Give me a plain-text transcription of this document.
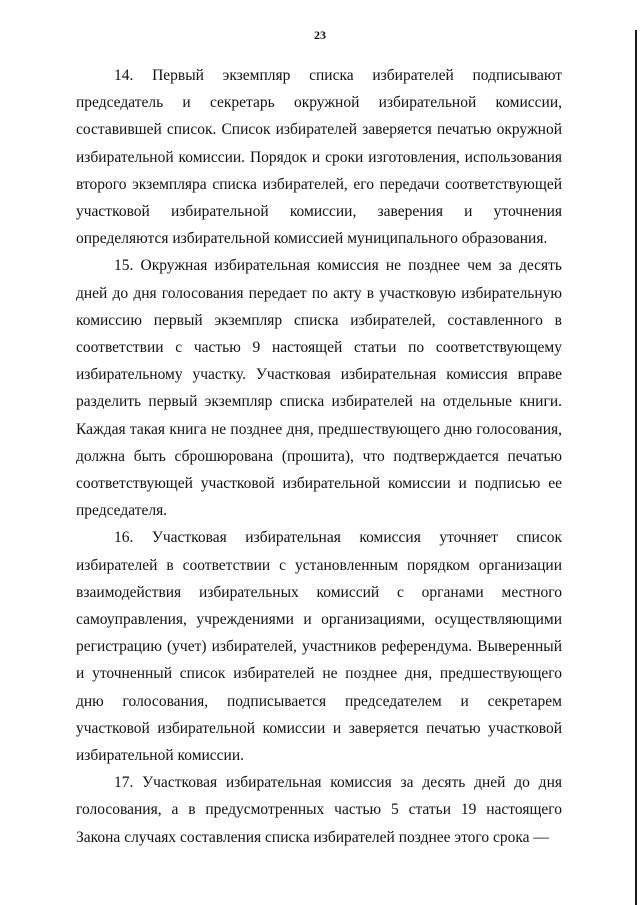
23

14. Первый экземпляр списка избирателей подписывают председатель и секретарь окружной избирательной комиссии, составившей список. Список избирателей заверяется печатью окружной избирательной комиссии. Порядок и сроки изготовления, использования второго экземпляра списка избирателей, его передачи соответствующей участковой избирательной комиссии, заверения и уточнения определяются избирательной комиссией муниципального образования.

15. Окружная избирательная комиссия не позднее чем за десять дней до дня голосования передает по акту в участковую избирательную комиссию первый экземпляр списка избирателей, составленного в соответствии с частью 9 настоящей статьи по соответствующему избирательному участку. Участковая избирательная комиссия вправе разделить первый экземпляр списка избирателей на отдельные книги. Каждая такая книга не позднее дня, предшествующего дню голосования, должна быть сброшюрована (прошита), что подтверждается печатью соответствующей участковой избирательной комиссии и подписью ее председателя.

16. Участковая избирательная комиссия уточняет список избирателей в соответствии с установленным порядком организации взаимодействия избирательных комиссий с органами местного самоуправления, учреждениями и организациями, осуществляющими регистрацию (учет) избирателей, участников референдума. Выверенный и уточненный список избирателей не позднее дня, предшествующего дню голосования, подписывается председателем и секретарем участковой избирательной комиссии и заверяется печатью участковой избирательной комиссии.

17. Участковая избирательная комиссия за десять дней до дня голосования, а в предусмотренных частью 5 статьи 19 настоящего Закона случаях составления списка избирателей позднее этого срока —
